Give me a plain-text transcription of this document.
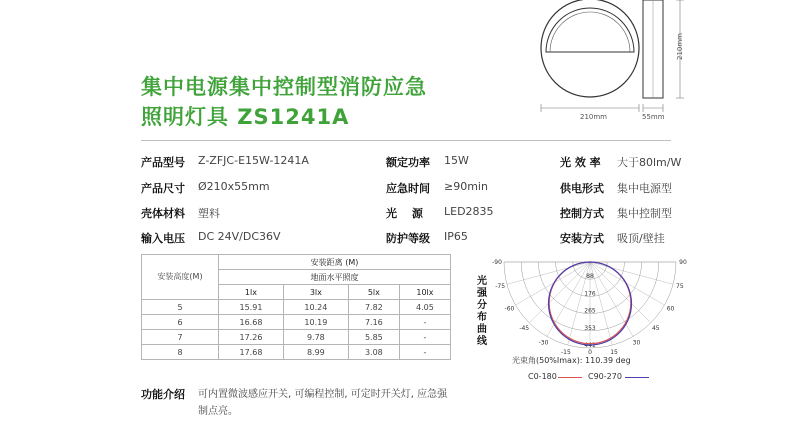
集中电源集中控制型消防应急
照明灯具 ZS1241A	210mm	55mm
210mm
产品型号 Z-ZFJC-E15W-1241A	额定功率 15W	光 效 率 大于80lm/W
产品尺寸 Ø210x55mm	应急时间 ≥90min	供电形式 集中电源型
壳体材料 塑料	光　 源 LED2835	控制方式 集中控制型
输入电压 DC 24V/DC36V	防护等级 IP65	安装方式 吸顶/壁挂
安装高度(M)	安装距离 (M)			
	地面水平照度			
	1lx	3lx	5lx	10lx
5	15.91	10.24	7.82	4.05
6	16.68	10.19	7.16	-
7	17.26	9.78	5.85	-
8	17.68	8.99	3.08	-
光强分布曲线
-90	90
-75	75
-60	60
-45	45
-30	30
-15	15
0
88
176
265
353
441
光束角(50%Imax): 110.39 deg
C0-180	C90-270
功能介绍 可内置微波感应开关, 可编程控制, 可定时开关灯, 应急强制点亮。
